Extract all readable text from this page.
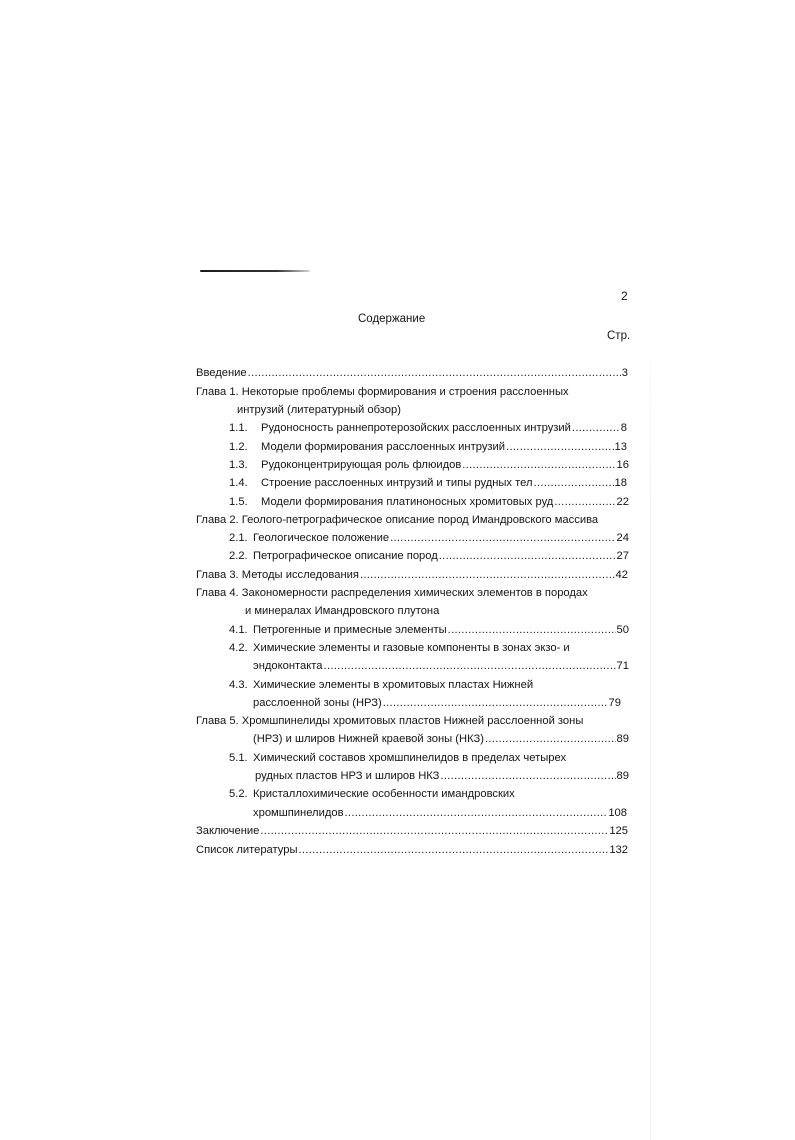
2
Содержание
Стр.
Введение .....	3
Глава 1. Некоторые проблемы формирования и строения расслоенных
интрузий (литературный обзор)
1.1.	Рудоносность раннепротерозойских расслоенных интрузий .....	8
1.2.	Модели формирования расслоенных интрузий .....	13
1.3.	Рудоконцентрирующая роль флюидов .....	16
1.4.	Строение расслоенных интрузий и типы рудных тел .....	18
1.5.	Модели формирования платиноносных хромитовых руд .....	22
Глава 2. Геолого-петрографическое описание пород Имандровского массива
2.1. Геологическое положение .....	24
2.2. Петрографическое описание пород .....	27
Глава 3. Методы исследования .....	42
Глава 4. Закономерности распределения химических элементов в породах
и минералах Имандровского плутона
4.1. Петрогенные и примесные элементы .....	50
4.2. Химические элементы и газовые компоненты в зонах экзо- и
эндоконтакта .....	71
4.3. Химические элементы в хромитовых пластах Нижней
расслоенной зоны (НРЗ) .....	79
Глава 5. Хромшпинелиды хромитовых пластов Нижней расслоенной зоны
(НРЗ) и шлиров Нижней краевой зоны (НКЗ) .....	89
5.1. Химический составов хромшпинелидов в пределах четырех
рудных пластов НРЗ и шлиров НКЗ .....	89
5.2. Кристаллохимические особенности имандровских
хромшпинелидов .....	108
Заключение .....	125
Список литературы .....	132
